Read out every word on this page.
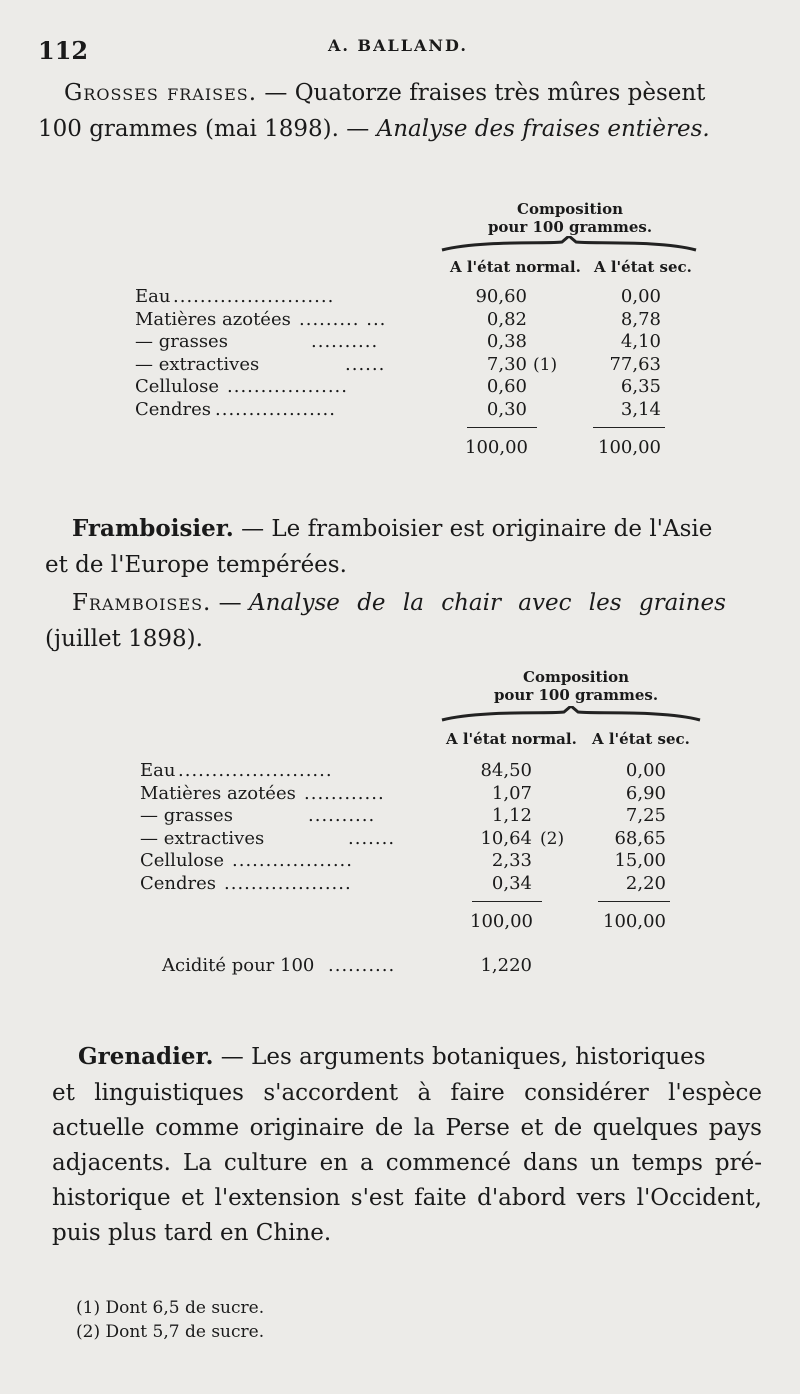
112	A. BALLAND.
Grosses fraises. — Quatorze fraises très mûres pèsent
100 grammes (mai 1898). — Analyse des fraises entières.
Composition
pour 100 grammes.
A l'état normal. A l'état sec.
Eau ........................	90,60	0,00
Matières azotées ......... ...	0,82	8,78
— grasses	..........	0,38	4,10
— extractives	......	7,30 (1)	77,63
Cellulose ..................	0,60	6,35
Cendres ..................	0,30	3,14
100,00	100,00
Framboisier. — Le framboisier est originaire de l'Asie
et de l'Europe tempérées.
Framboises. — Analyse de la chair avec les graines
(juillet 1898).
Composition
pour 100 grammes.
A l'état normal. A l'état sec.
Eau .......................	84,50	0,00
Matières azotées ............	1,07	6,90
— grasses	..........	1,12	7,25
— extractives	.......	10,64 (2)	68,65
Cellulose ..................	2,33	15,00
Cendres ...................	0,34	2,20
100,00	100,00
Acidité pour 100 ..........	1,220
Grenadier. — Les arguments botaniques, historiques
et linguistiques s'accordent à faire considérer l'espèce
actuelle comme originaire de la Perse et de quelques pays
adjacents. La culture en a commencé dans un temps pré-
historique et l'extension s'est faite d'abord vers l'Occident,
puis plus tard en Chine.
(1) Dont 6,5 de sucre.
(2) Dont 5,7 de sucre.
